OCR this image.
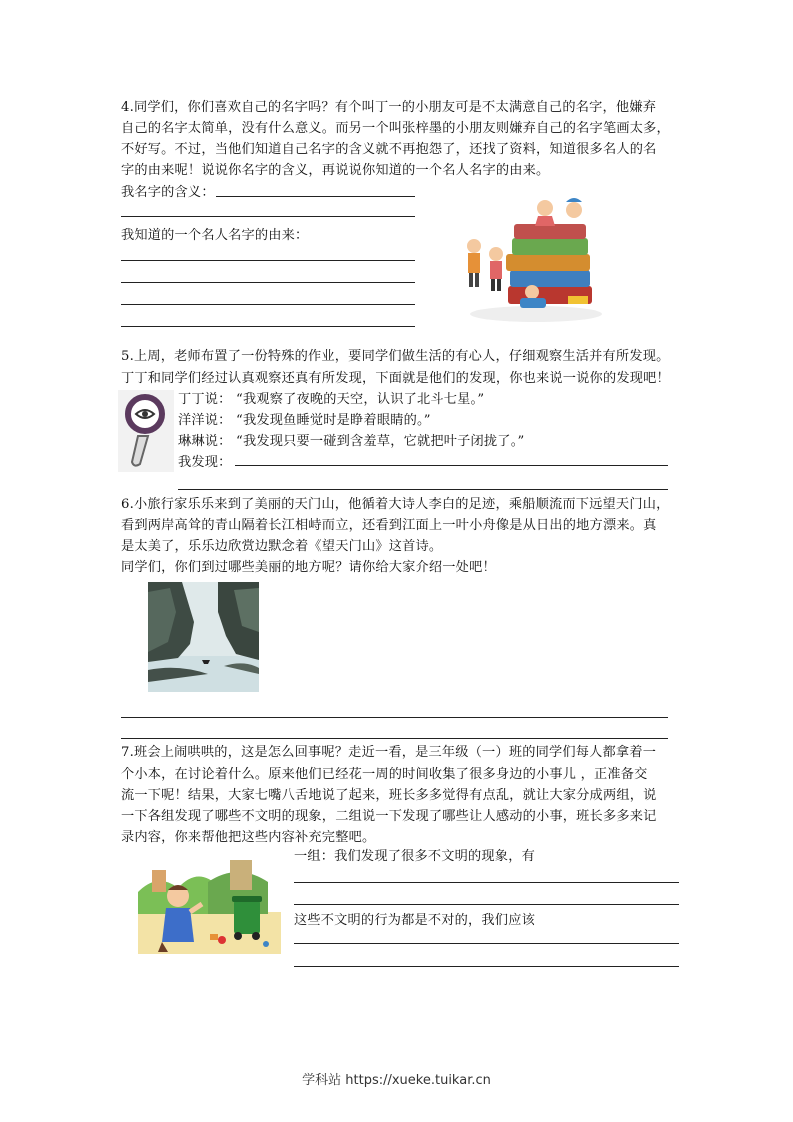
4.同学们，你们喜欢自己的名字吗？有个叫丁一的小朋友可是不太满意自己的名字，他嫌弃
自己的名字太简单，没有什么意义。而另一个叫张梓墨的小朋友则嫌弃自己的名字笔画太多，
不好写。不过，当他们知道自己名字的含义就不再抱怨了，还找了资料，知道很多名人的名
字的由来呢！说说你名字的含义，再说说你知道的一个名人名字的由来。
我名字的含义：
我知道的一个名人名字的由来：
5.上周，老师布置了一份特殊的作业，要同学们做生活的有心人，仔细观察生活并有所发现。
丁丁和同学们经过认真观察还真有所发现，下面就是他们的发现，你也来说一说你的发现吧！
丁丁说： “我观察了夜晚的天空，认识了北斗七星。”
洋洋说： “我发现鱼睡觉时是睁着眼睛的。”
琳琳说： “我发现只要一碰到含羞草，它就把叶子闭拢了。”
我发现：
6.小旅行家乐乐来到了美丽的天门山，他循着大诗人李白的足迹，乘船顺流而下远望天门山，
看到两岸高耸的青山隔着长江相峙而立，还看到江面上一叶小舟像是从日出的地方漂来。真
是太美了，乐乐边欣赏边默念着《望天门山》这首诗。
同学们，你们到过哪些美丽的地方呢？请你给大家介绍一处吧！
7.班会上闹哄哄的，这是怎么回事呢？走近一看，是三年级（一）班的同学们每人都拿着一
个小本，在讨论着什么。原来他们已经花一周的时间收集了很多身边的小事儿 ，正准备交
流一下呢！结果，大家七嘴八舌地说了起来，班长多多觉得有点乱，就让大家分成两组，说
一下各组发现了哪些不文明的现象，二组说一下发现了哪些让人感动的小事，班长多多来记
录内容，你来帮他把这些内容补充完整吧。
一组：我们发现了很多不文明的现象，有
这些不文明的行为都是不对的，我们应该
学科站 https://xueke.tuikar.cn
